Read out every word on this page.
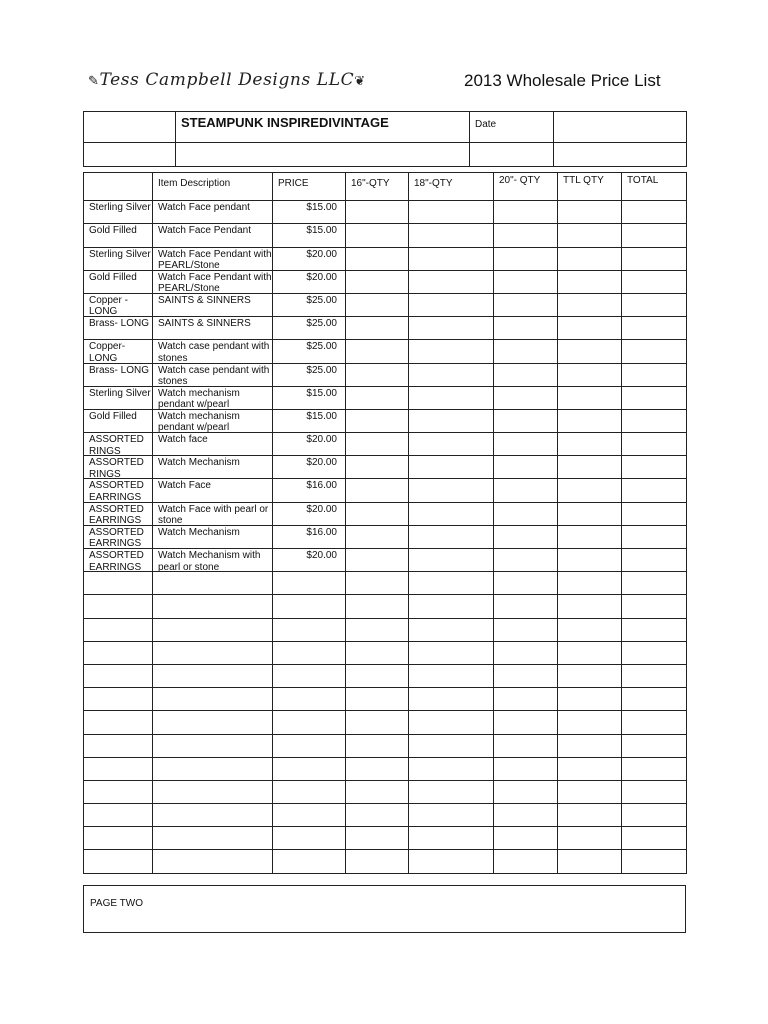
✎Tess Campbell Designs LLC❦	2013 Wholesale Price List
	STEAMPUNK INSPIREDIVINTAGE	Date	

	Item Description	PRICE	16"-QTY	18"-QTY	20"- QTY	TTL QTY	TOTAL

Sterling Silver	Watch Face pendant	$15.00					

Gold Filled	Watch Face Pendant	$15.00					

Sterling Silver	Watch Face Pendant with PEARL/Stone	$20.00					

Gold Filled	Watch Face Pendant with PEARL/Stone	$20.00					

Copper - LONG	SAINTS & SINNERS	$25.00					

Brass- LONG	SAINTS & SINNERS	$25.00					

Copper- LONG	Watch case pendant with stones	$25.00					

Brass- LONG	Watch case pendant with stones	$25.00					

Sterling Silver	Watch mechanism pendant w/pearl	$15.00					

Gold Filled	Watch mechanism pendant w/pearl	$15.00					

ASSORTED RINGS	Watch face	$20.00					

ASSORTED RINGS	Watch Mechanism	$20.00					

ASSORTED EARRINGS	Watch Face	$16.00					

ASSORTED EARRINGS	Watch Face with pearl or stone	$20.00					

ASSORTED EARRINGS	Watch Mechanism	$16.00					

ASSORTED EARRINGS	Watch Mechanism with pearl or stone	$20.00					

PAGE TWO
